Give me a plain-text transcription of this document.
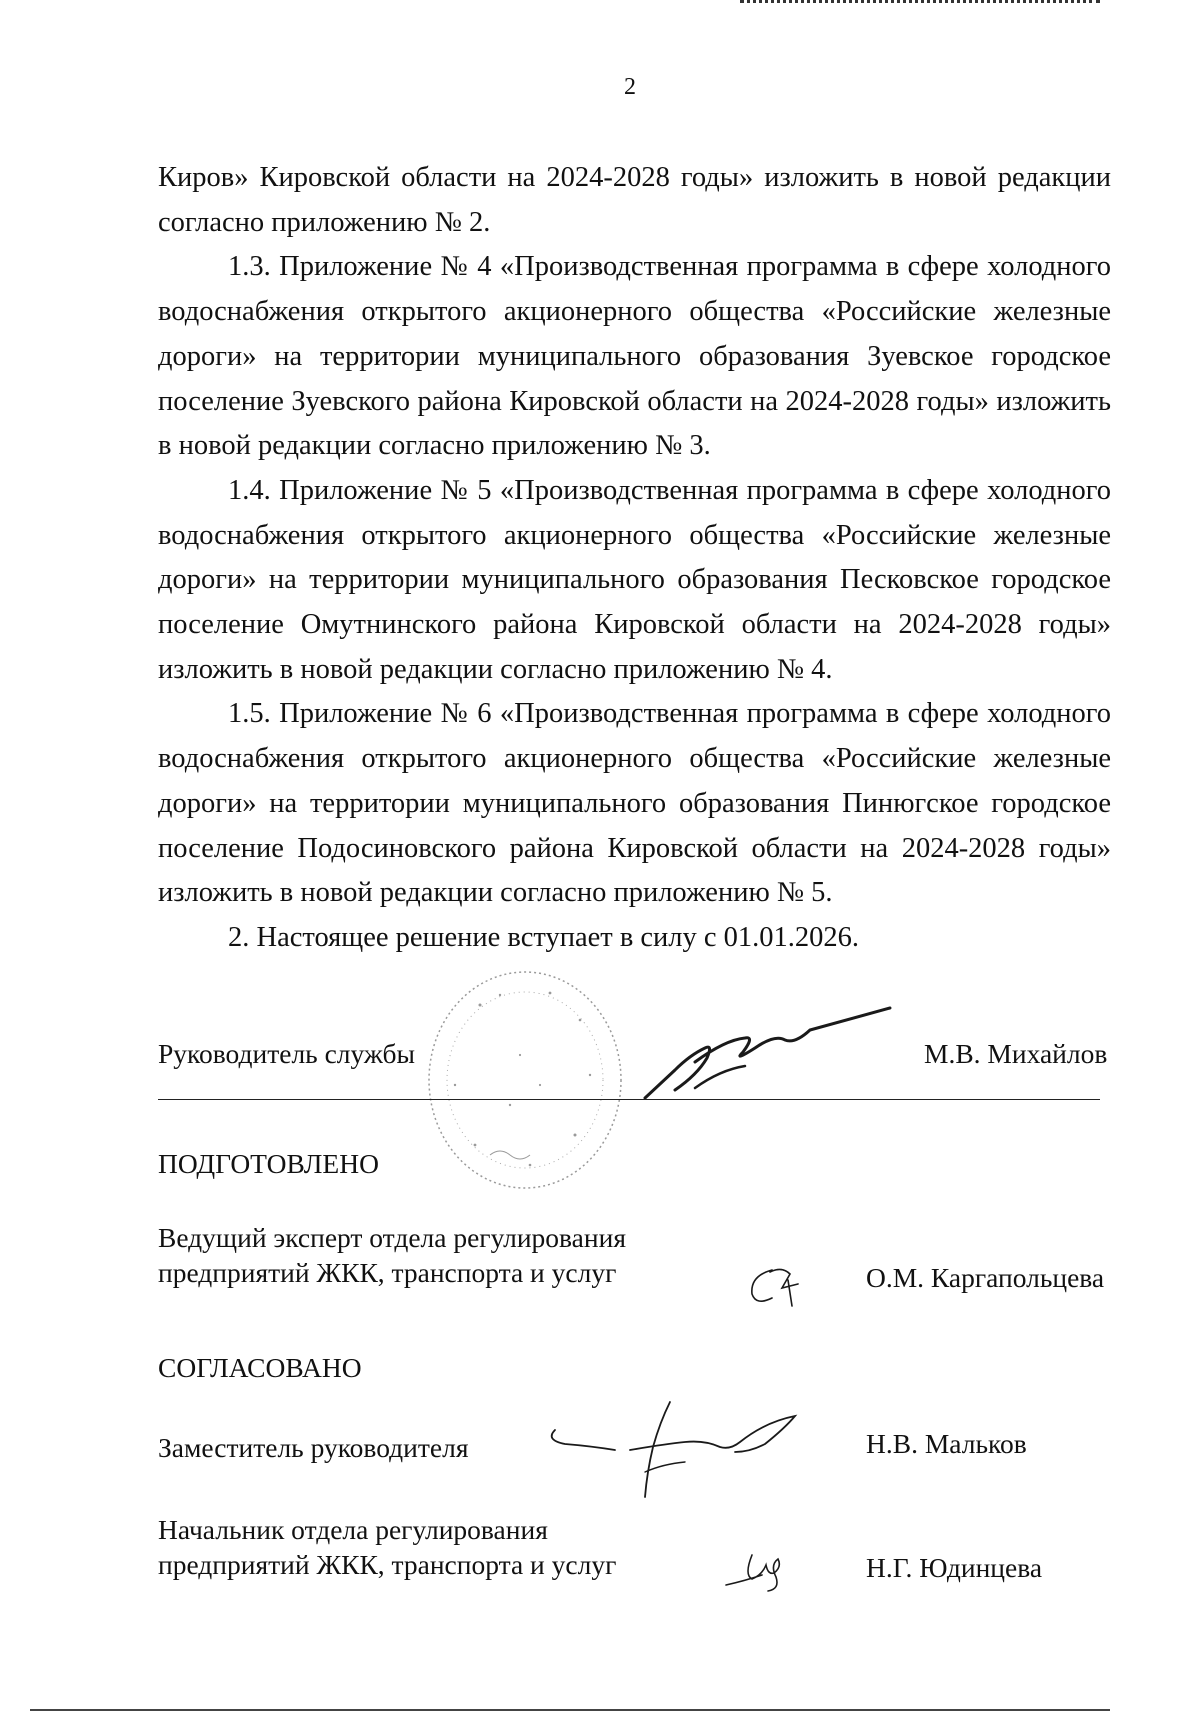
2

Киров» Кировской области на 2024-2028 годы» изложить в новой редакции согласно приложению № 2.

1.3. Приложение № 4 «Производственная программа в сфере холодного водоснабжения открытого акционерного общества «Российские железные дороги» на территории муниципального образования Зуевское городское поселение Зуевского района Кировской области на 2024-2028 годы» изложить в новой редакции согласно приложению № 3.

1.4. Приложение № 5 «Производственная программа в сфере холодного водоснабжения открытого акционерного общества «Российские железные дороги» на территории муниципального образования Песковское городское поселение Омутнинского района Кировской области на 2024-2028 годы» изложить в новой редакции согласно приложению № 4.

1.5. Приложение № 6 «Производственная программа в сфере холодного водоснабжения открытого акционерного общества «Российские железные дороги» на территории муниципального образования Пинюгское городское поселение Подосиновского района Кировской области на 2024-2028 годы» изложить в новой редакции согласно приложению № 5.

2. Настоящее решение вступает в силу с 01.01.2026.

Руководитель службы	М.В. Михайлов
ПОДГОТОВЛЕНО
Ведущий эксперт отдела регулирования
предприятий ЖКК, транспорта и услуг	О.М. Каргапольцева
СОГЛАСОВАНО
Заместитель руководителя	Н.В. Мальков
Начальник отдела регулирования
предприятий ЖКК, транспорта и услуг	Н.Г. Юдинцева
